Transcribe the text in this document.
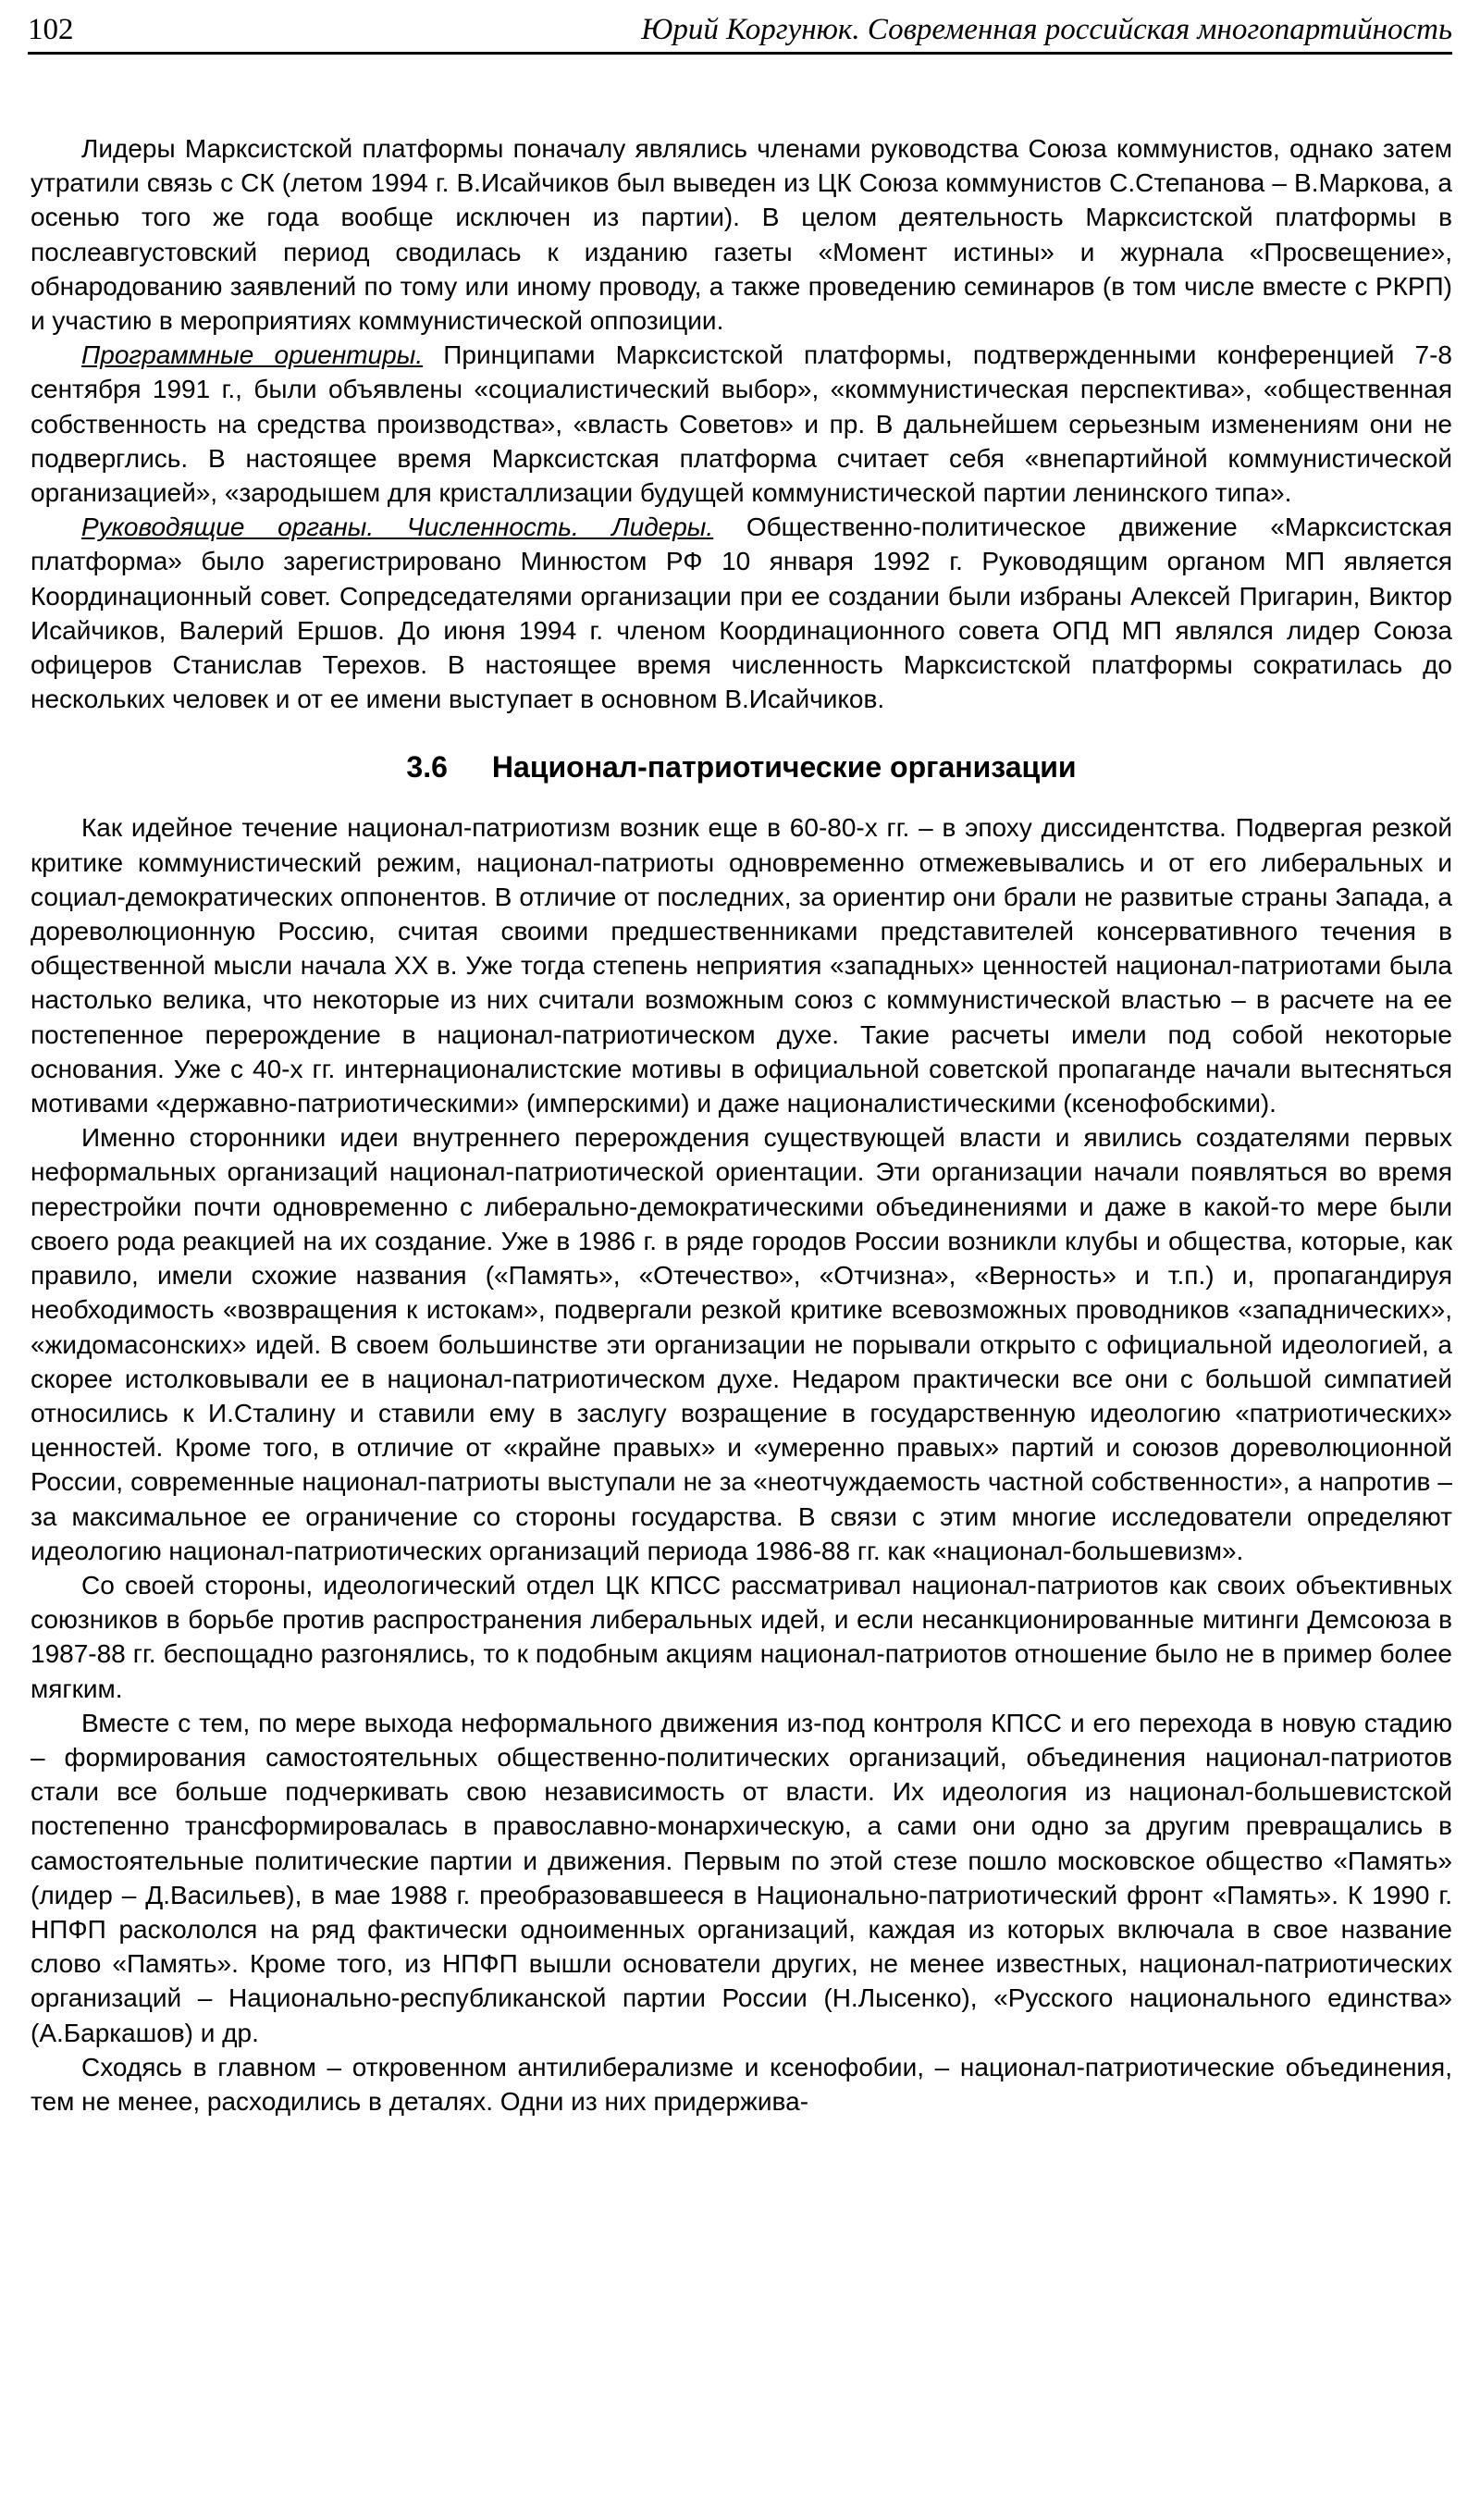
102	Юрий Коргунюк. Современная российская многопартийность

Лидеры Марксистской платформы поначалу являлись членами руководства Союза коммунистов, однако затем утратили связь с СК (летом 1994 г. В.Исайчиков был выведен из ЦК Союза коммунистов С.Степанова – В.Маркова, а осенью того же года вообще исключен из партии). В целом деятельность Марксистской платформы в послеавгустовский период сводилась к изданию газеты «Момент истины» и журнала «Просвещение», обнародованию заявлений по тому или иному проводу, а также проведению семинаров (в том числе вместе с РКРП) и участию в мероприятиях коммунистической оппозиции.

Программные ориентиры. Принципами Марксистской платформы, подтвержденными конференцией 7-8 сентября 1991 г., были объявлены «социалистический выбор», «коммунистическая перспектива», «общественная собственность на средства производства», «власть Советов» и пр. В дальнейшем серьезным изменениям они не подверглись. В настоящее время Марксистская платформа считает себя «внепартийной коммунистической организацией», «зародышем для кристаллизации будущей коммунистической партии ленинского типа».

Руководящие органы. Численность. Лидеры. Общественно-политическое движение «Марксистская платформа» было зарегистрировано Минюстом РФ 10 января 1992 г. Руководящим органом МП является Координационный совет. Сопредседателями организации при ее создании были избраны Алексей Пригарин, Виктор Исайчиков, Валерий Ершов. До июня 1994 г. членом Координационного совета ОПД МП являлся лидер Союза офицеров Станислав Терехов. В настоящее время численность Марксистской платформы сократилась до нескольких человек и от ее имени выступает в основном В.Исайчиков.

3.6 Национал-патриотические организации

Как идейное течение национал-патриотизм возник еще в 60-80-х гг. – в эпоху диссидентства. Подвергая резкой критике коммунистический режим, национал-патриоты одновременно отмежевывались и от его либеральных и социал-демократических оппонентов. В отличие от последних, за ориентир они брали не развитые страны Запада, а дореволюционную Россию, считая своими предшественниками представителей консервативного течения в общественной мысли начала XX в. Уже тогда степень неприятия «западных» ценностей национал-патриотами была настолько велика, что некоторые из них считали возможным союз с коммунистической властью – в расчете на ее постепенное перерождение в национал-патриотическом духе. Такие расчеты имели под собой некоторые основания. Уже с 40-х гг. интернационалистские мотивы в официальной советской пропаганде начали вытесняться мотивами «державно-патриотическими» (имперскими) и даже националистическими (ксенофобскими).

Именно сторонники идеи внутреннего перерождения существующей власти и явились создателями первых неформальных организаций национал-патриотической ориентации. Эти организации начали появляться во время перестройки почти одновременно с либерально-демократическими объединениями и даже в какой-то мере были своего рода реакцией на их создание. Уже в 1986 г. в ряде городов России возникли клубы и общества, которые, как правило, имели схожие названия («Память», «Отечество», «Отчизна», «Верность» и т.п.) и, пропагандируя необходимость «возвращения к истокам», подвергали резкой критике всевозможных проводников «западнических», «жидомасонских» идей. В своем большинстве эти организации не порывали открыто с официальной идеологией, а скорее истолковывали ее в национал-патриотическом духе. Недаром практически все они с большой симпатией относились к И.Сталину и ставили ему в заслугу возращение в государственную идеологию «патриотических» ценностей. Кроме того, в отличие от «крайне правых» и «умеренно правых» партий и союзов дореволюционной России, современные национал-патриоты выступали не за «неотчуждаемость частной собственности», а напротив – за максимальное ее ограничение со стороны государства. В связи с этим многие исследователи определяют идеологию национал-патриотических организаций периода 1986-88 гг. как «национал-большевизм».

Со своей стороны, идеологический отдел ЦК КПСС рассматривал национал-патриотов как своих объективных союзников в борьбе против распространения либеральных идей, и если несанкционированные митинги Демсоюза в 1987-88 гг. беспощадно разгонялись, то к подобным акциям национал-патриотов отношение было не в пример более мягким.

Вместе с тем, по мере выхода неформального движения из-под контроля КПСС и его перехода в новую стадию – формирования самостоятельных общественно-политических организаций, объединения национал-патриотов стали все больше подчеркивать свою независимость от власти. Их идеология из национал-большевистской постепенно трансформировалась в православно-монархическую, а сами они одно за другим превращались в самостоятельные политические партии и движения. Первым по этой стезе пошло московское общество «Память» (лидер – Д.Васильев), в мае 1988 г. преобразовавшееся в Национально-патриотический фронт «Память». К 1990 г. НПФП раскололся на ряд фактически одноименных организаций, каждая из которых включала в свое название слово «Память». Кроме того, из НПФП вышли основатели других, не менее известных, национал-патриотических организаций – Национально-республиканской партии России (Н.Лысенко), «Русского национального единства» (А.Баркашов) и др.

Сходясь в главном – откровенном антилиберализме и ксенофобии, – национал-патриотические объединения, тем не менее, расходились в деталях. Одни из них придержива-
